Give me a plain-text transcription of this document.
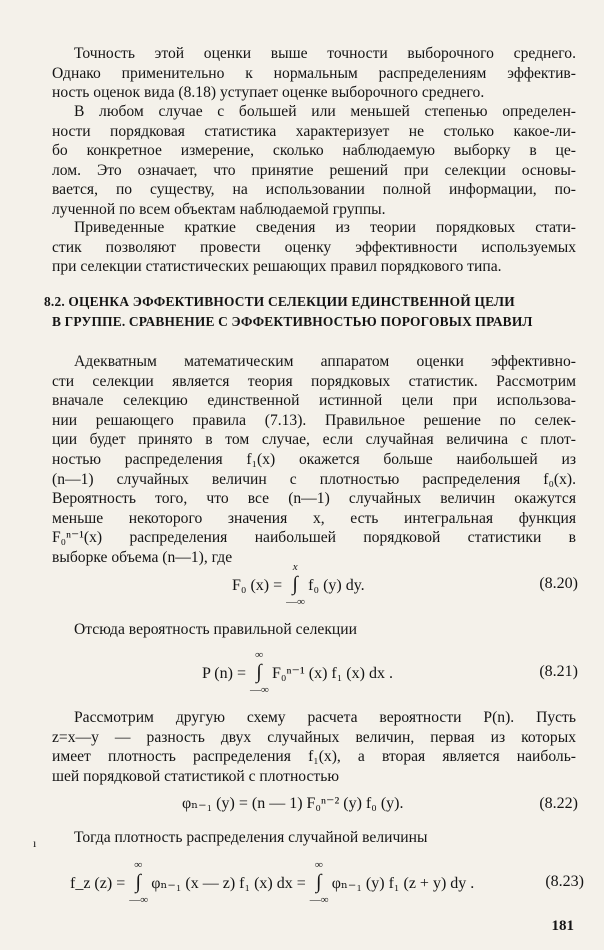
Точность этой оценки выше точности выборочного среднего.
Однако применительно к нормальным распределениям эффектив-
ность оценок вида (8.18) уступает оценке выборочного среднего.
В любом случае с большей или меньшей степенью определен-
ности порядковая статистика характеризует не столько какое-ли-
бо конкретное измерение, сколько наблюдаемую выборку в це-
лом. Это означает, что принятие решений при селекции основы-
вается, по существу, на использовании полной информации, по-
лученной по всем объектам наблюдаемой группы.
Приведенные краткие сведения из теории порядковых стати-
стик позволяют провести оценку эффективности используемых
при селекции статистических решающих правил порядкового типа.
8.2. ОЦЕНКА ЭФФЕКТИВНОСТИ СЕЛЕКЦИИ ЕДИНСТВЕННОЙ ЦЕЛИ
В ГРУППЕ. СРАВНЕНИЕ С ЭФФЕКТИВНОСТЬЮ ПОРОГОВЫХ ПРАВИЛ
Адекватным математическим аппаратом оценки эффективно-
сти селекции является теория порядковых статистик. Рассмотрим
вначале селекцию единственной истинной цели при использова-
нии решающего правила (7.13). Правильное решение по селек-
ции будет принято в том случае, если случайная величина с плот-
ностью распределения f₁(x) окажется больше наибольшей из
(n—1) случайных величин с плотностью распределения f₀(x).
Вероятность того, что все (n—1) случайных величин окажутся
меньше некоторого значения x, есть интегральная функция
F₀ⁿ⁻¹(x) распределения наибольшей порядковой статистики в
выборке объема (n—1), где
F₀ (x) = ∫
x
—∞
f₀ (y) dy.	(8.20)
Отсюда вероятность правильной селекции
P (n) = ∫
∞
—∞
F₀ⁿ⁻¹ (x) f₁ (x) dx .	(8.21)
Рассмотрим другую схему расчета вероятности P(n). Пусть
z=x—y — разность двух случайных величин, первая из которых
имеет плотность распределения f₁(x), а вторая является наиболь-
шей порядковой статистикой с плотностью
φₙ₋₁ (y) = (n — 1) F₀ⁿ⁻² (y) f₀ (y).	(8.22)
ı	Тогда плотность распределения случайной величины
f_z (z) = ∫
∞
—∞
φₙ₋₁ (x — z) f₁ (x) dx = ∫
∞
—∞
φₙ₋₁ (y) f₁ (z + y) dy .	(8.23)
181
